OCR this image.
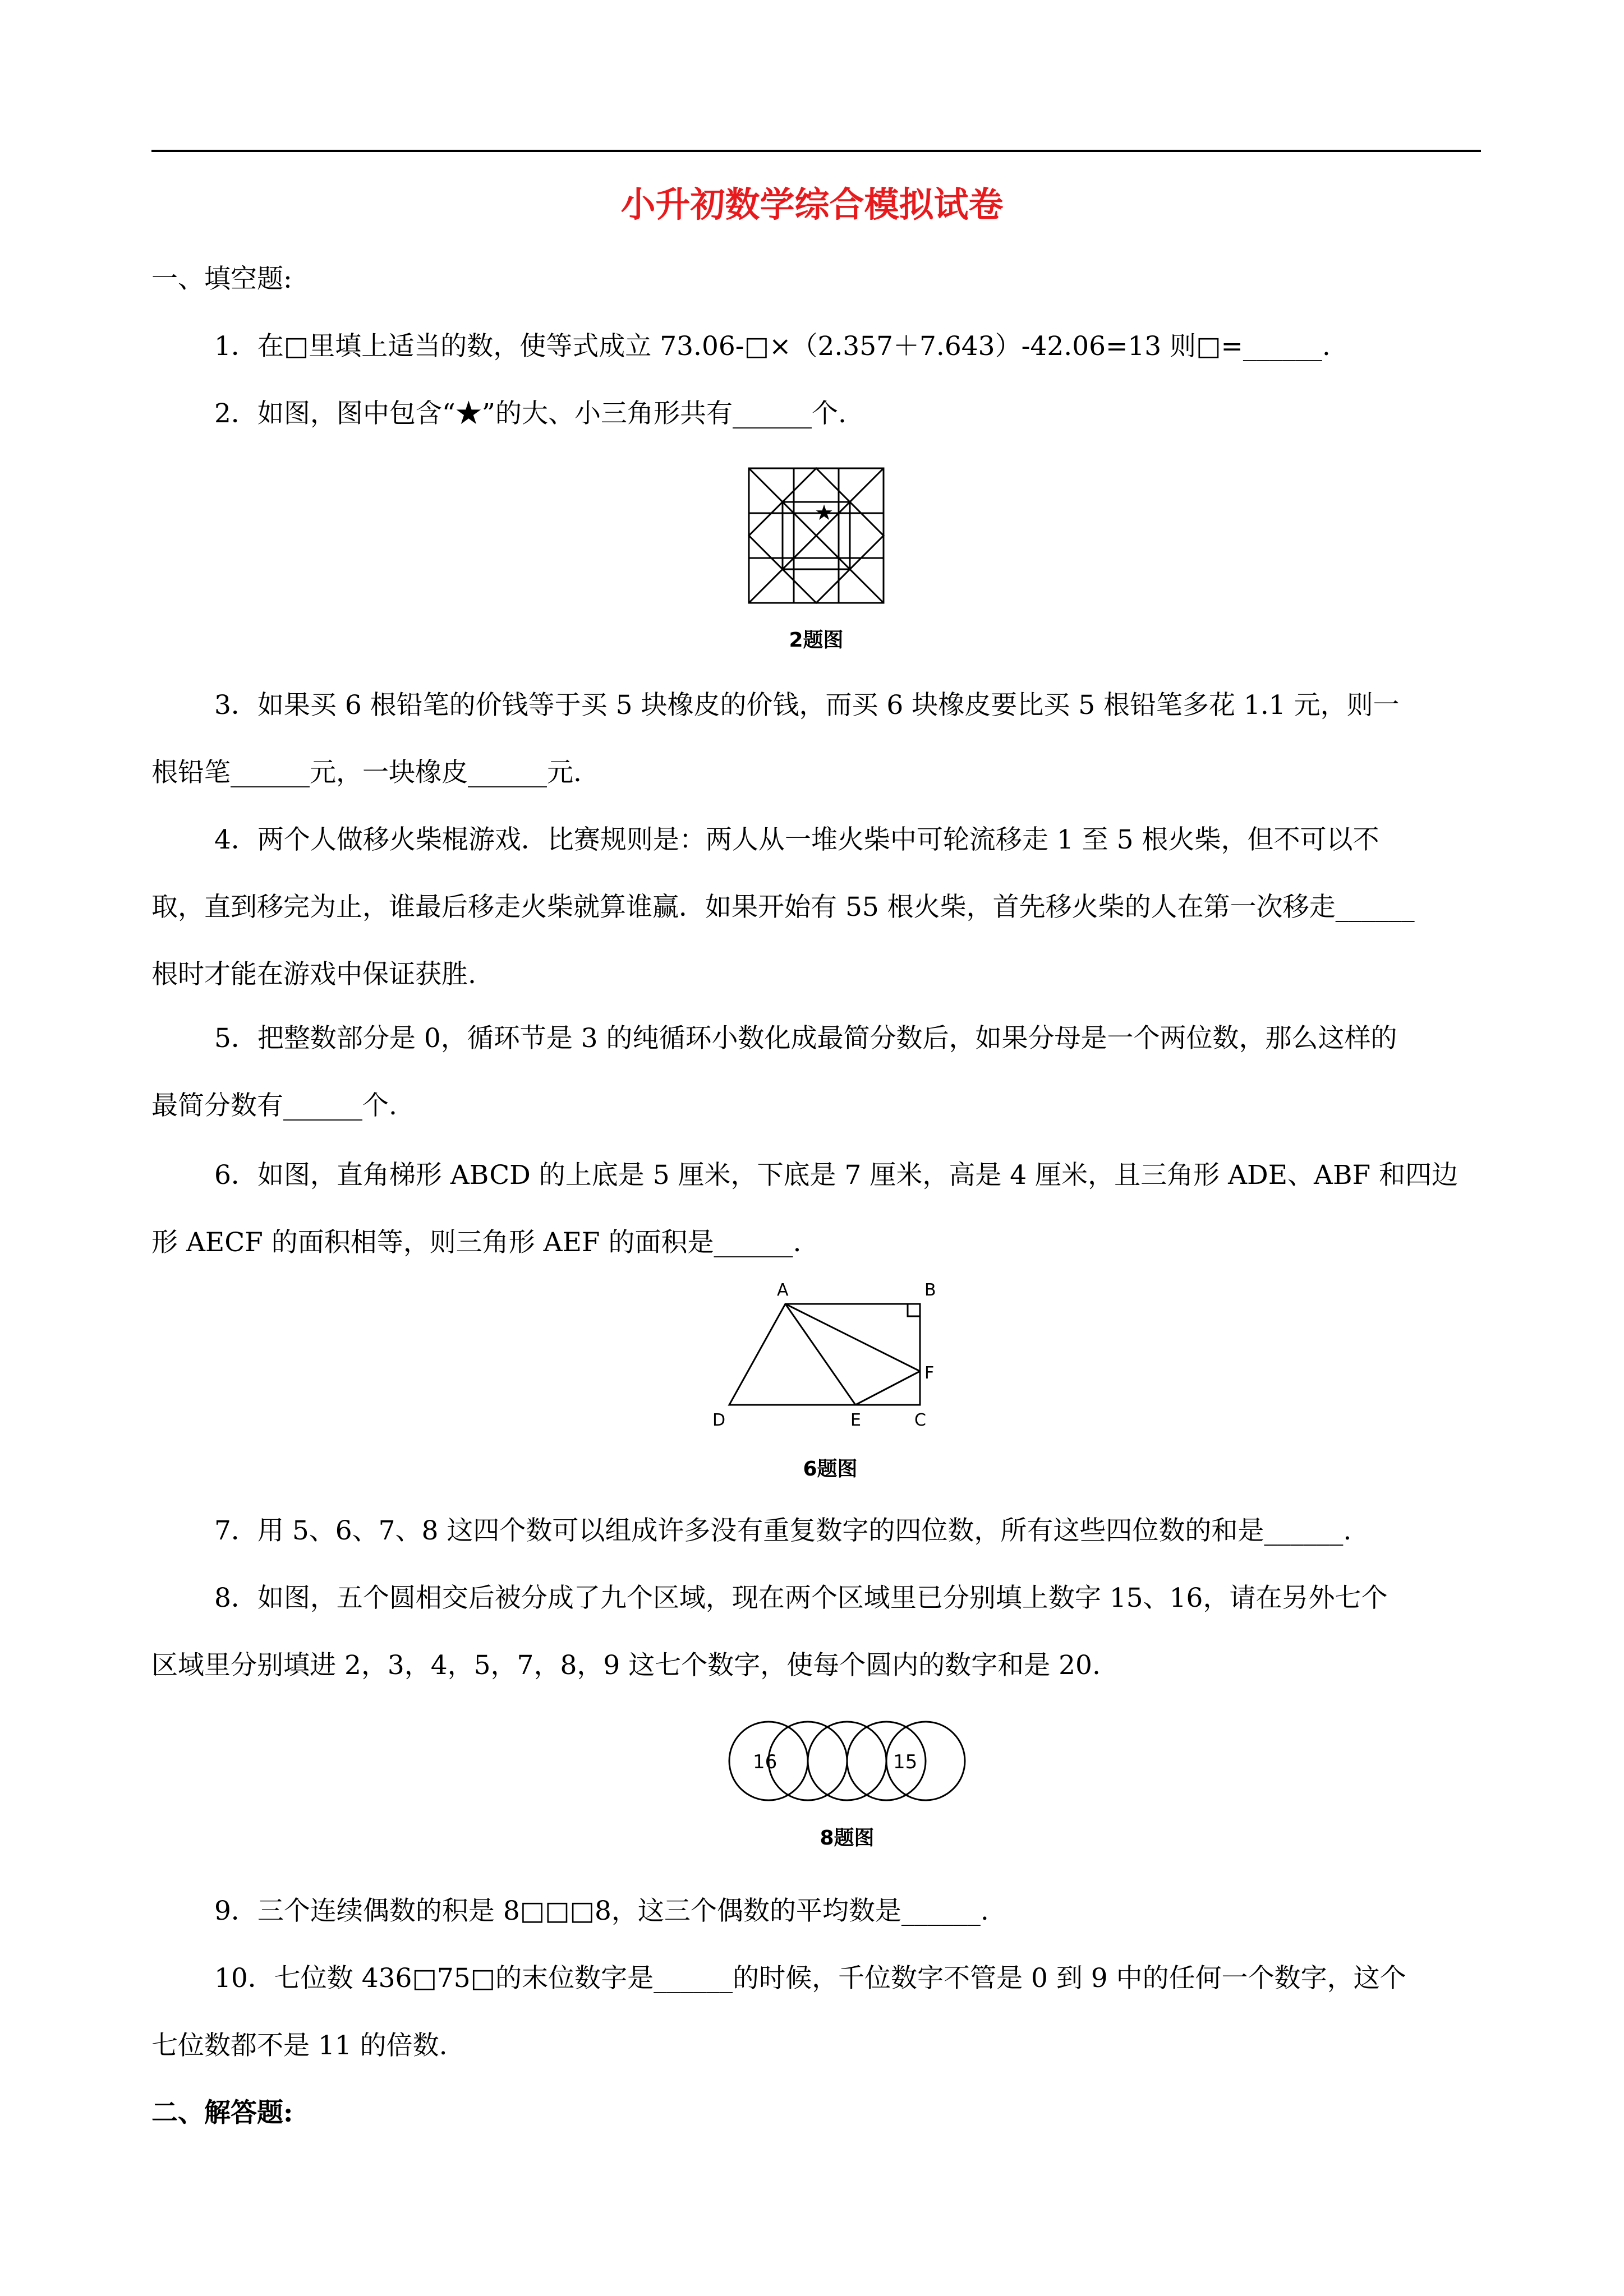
小升初数学综合模拟试卷
一、填空题:
1．在□里填上适当的数，使等式成立 73.06-□×（2.357＋7.643）-42.06=13 则□=______.
2．如图，图中包含“★”的大、小三角形共有______个.
★
2题图
3．如果买 6 根铅笔的价钱等于买 5 块橡皮的价钱，而买 6 块橡皮要比买 5 根铅笔多花 1.1 元，则一
根铅笔______元，一块橡皮______元.
4．两个人做移火柴棍游戏．比赛规则是：两人从一堆火柴中可轮流移走 1 至 5 根火柴，但不可以不
取，直到移完为止，谁最后移走火柴就算谁赢．如果开始有 55 根火柴，首先移火柴的人在第一次移走______
根时才能在游戏中保证获胜.
5．把整数部分是 0，循环节是 3 的纯循环小数化成最简分数后，如果分母是一个两位数，那么这样的
最简分数有______个.
6．如图，直角梯形 ABCD 的上底是 5 厘米，下底是 7 厘米，高是 4 厘米，且三角形 ADE、ABF 和四边
形 AECF 的面积相等，则三角形 AEF 的面积是______.
A	B
C
D	E
F
6题图
7．用 5、6、7、8 这四个数可以组成许多没有重复数字的四位数，所有这些四位数的和是______.
8．如图，五个圆相交后被分成了九个区域，现在两个区域里已分别填上数字 15、16，请在另外七个
区域里分别填进 2，3，4，5，7，8，9 这七个数字，使每个圆内的数字和是 20.
16	15
8题图
9．三个连续偶数的积是 8□□□8，这三个偶数的平均数是______.
10．七位数 436□75□的末位数字是______的时候，千位数字不管是 0 到 9 中的任何一个数字，这个
七位数都不是 11 的倍数.
二、解答题:
